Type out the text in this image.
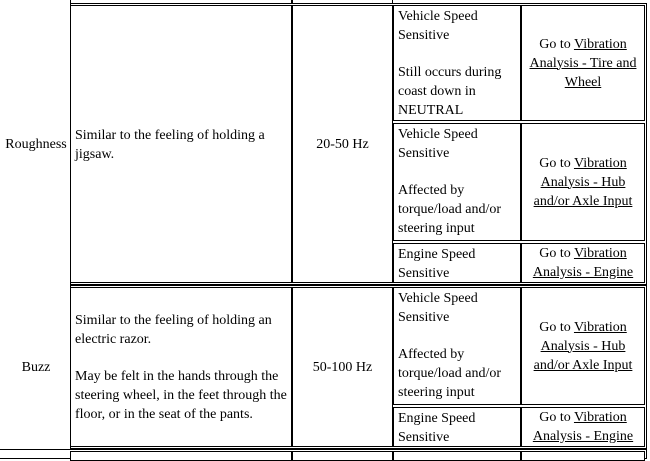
Roughness
Similar to the feeling of holding a jigsaw.
20-50 Hz
Vehicle Speed Sensitive
Still occurs during coast down in NEUTRAL
Go to Vibration Analysis - Tire and Wheel
Vehicle Speed Sensitive
Affected by torque/load and/or steering input
Go to Vibration Analysis - Hub and/or Axle Input
Engine Speed Sensitive
Go to Vibration Analysis - Engine
Buzz
Similar to the feeling of holding an electric razor.
May be felt in the hands through the steering wheel, in the feet through the floor, or in the seat of the pants.
50-100 Hz
Vehicle Speed Sensitive
Affected by torque/load and/or steering input
Go to Vibration Analysis - Hub and/or Axle Input
Engine Speed Sensitive
Go to Vibration Analysis - Engine
